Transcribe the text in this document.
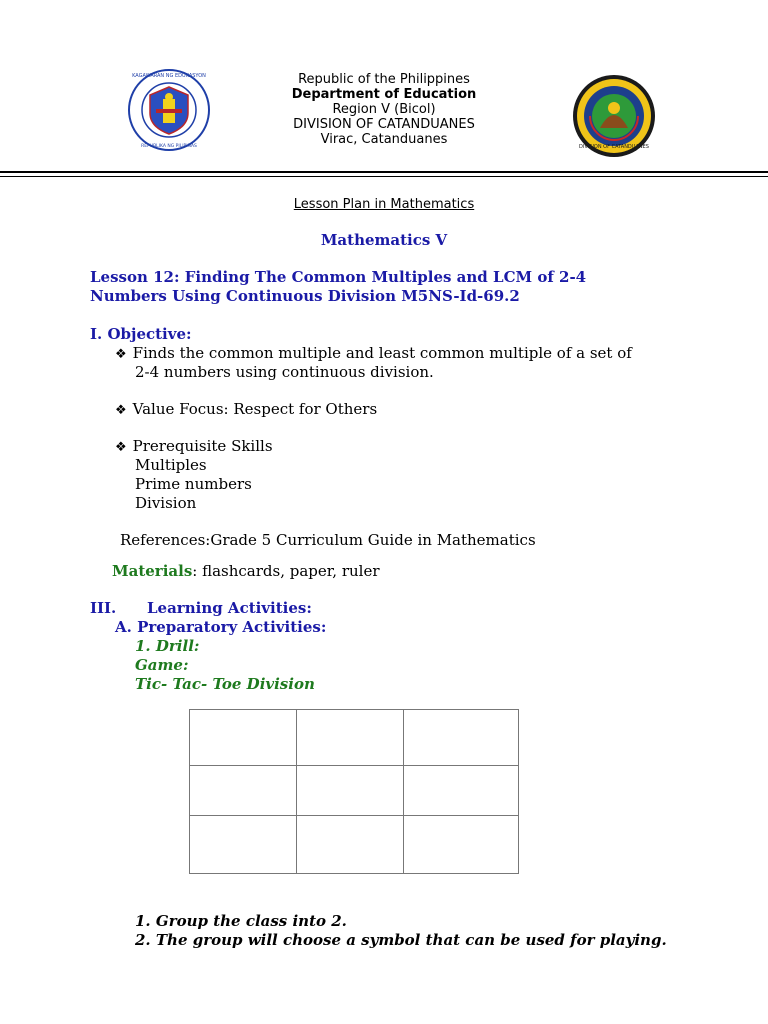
KAGAWARAN NG EDUKASYON
REPUBLIKA NG PILIPINAS
Republic of the Philippines
Department of Education
Region V (Bicol)
DIVISION OF CATANDUANES
Virac, Catanduanes	DIVISION OF CATANDUANES
Lesson Plan in Mathematics
Mathematics V
Lesson 12: Finding The Common Multiples and LCM of 2-4
Numbers Using Continuous Division M5NS-Id-69.2
I. Objective:
❖ Finds the common multiple and least common multiple of a set of
2-4 numbers using continuous division.
❖ Value Focus: Respect for Others
❖ Prerequisite Skills
Multiples
Prime numbers
Division
References:Grade 5 Curriculum Guide in Mathematics
Materials: flashcards, paper, ruler
III. Learning Activities:
A. Preparatory Activities:
1. Drill:
Game:
Tic- Tac- Toe Division

1. Group the class into 2.
2. The group will choose a symbol that can be used for playing.
